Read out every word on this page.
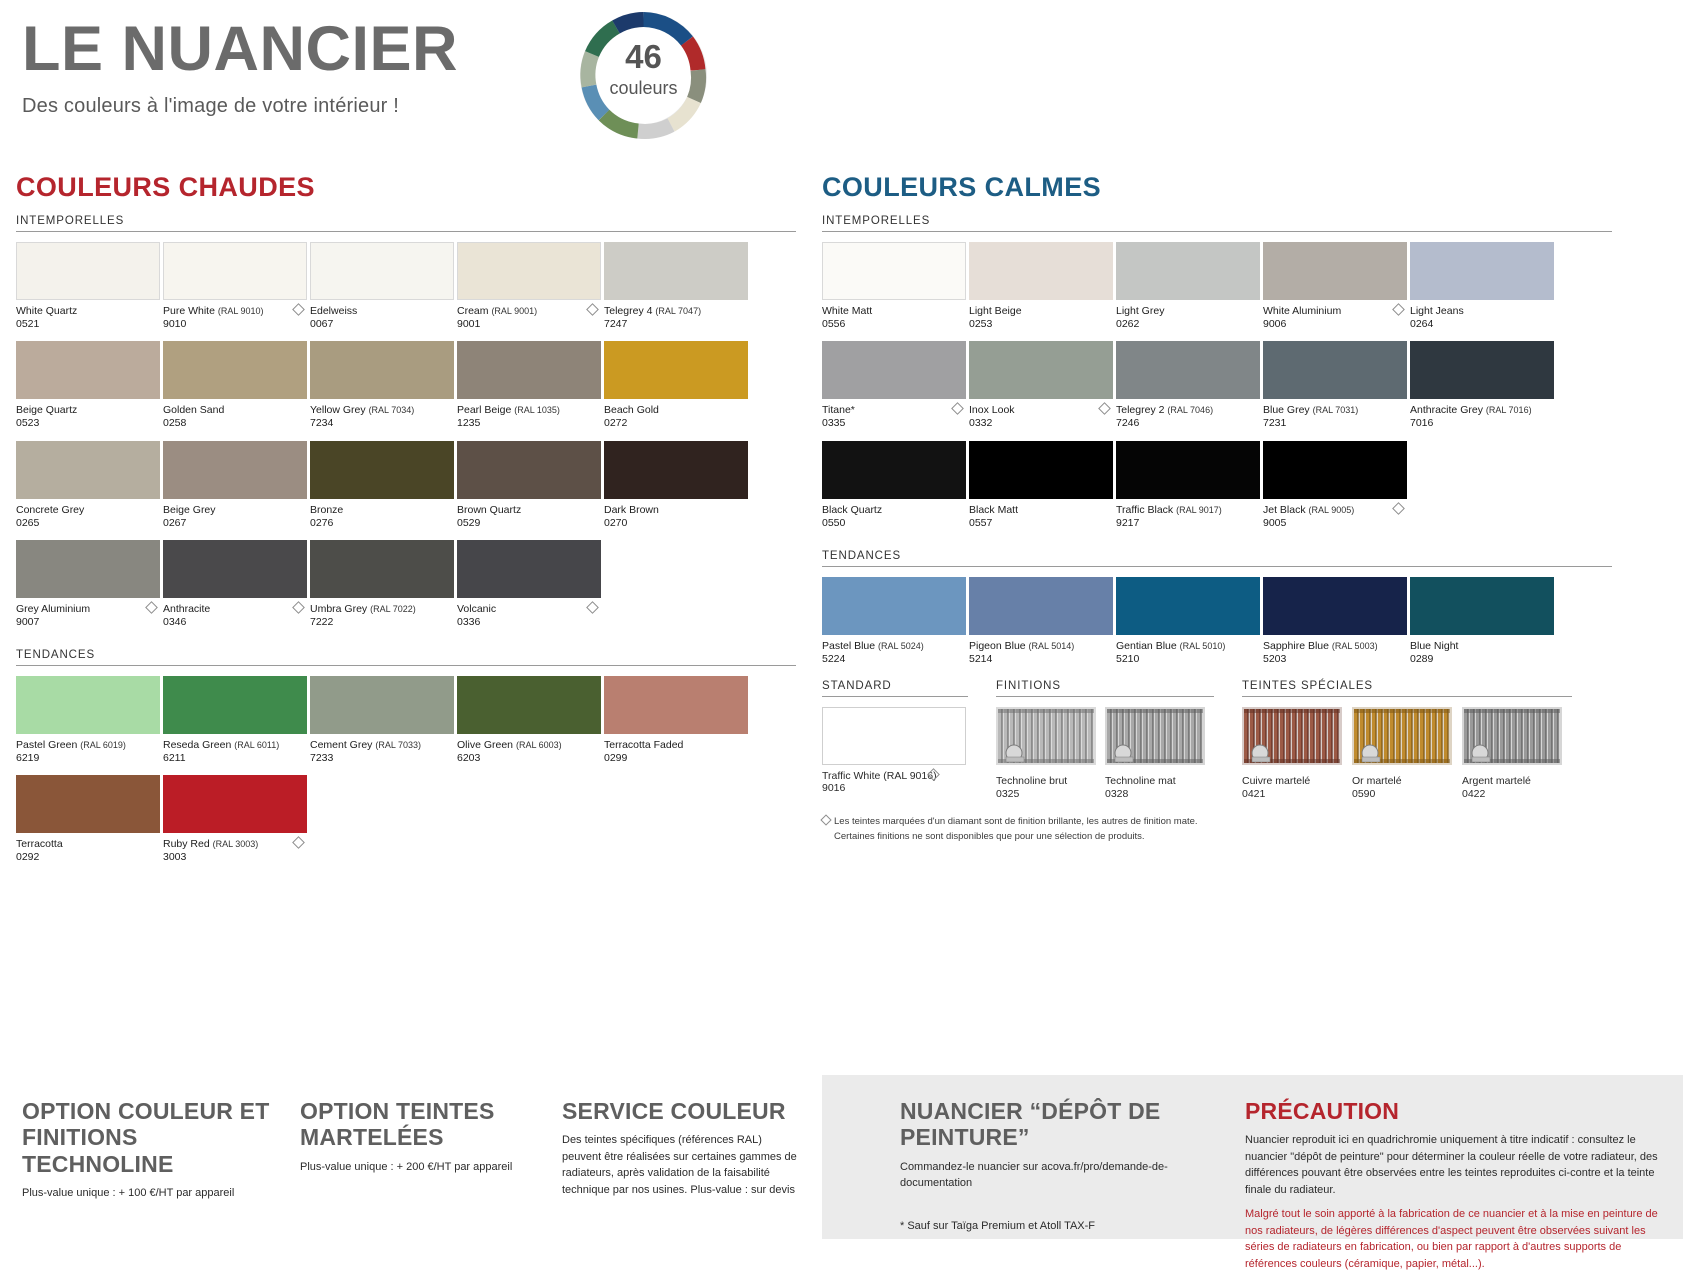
LE NUANCIER
Des couleurs à l'image de votre intérieur !
46
couleurs
COULEURS CHAUDES
INTEMPORELLES
White Quartz
0521
Pure White (RAL 9010)
9010
Edelweiss
0067
Cream (RAL 9001)
9001
Telegrey 4 (RAL 7047)
7247
Beige Quartz
0523
Golden Sand
0258
Yellow Grey (RAL 7034)
7234
Pearl Beige (RAL 1035)
1235
Beach Gold
0272
Concrete Grey
0265
Beige Grey
0267
Bronze
0276
Brown Quartz
0529
Dark Brown
0270
Grey Aluminium
9007
Anthracite
0346
Umbra Grey (RAL 7022)
7222
Volcanic
0336
TENDANCES
Pastel Green (RAL 6019)
6219
Reseda Green (RAL 6011)
6211
Cement Grey (RAL 7033)
7233
Olive Green (RAL 6003)
6203
Terracotta Faded
0299
Terracotta
0292
Ruby Red (RAL 3003)
3003
COULEURS CALMES
INTEMPORELLES
White Matt
0556
Light Beige
0253
Light Grey
0262
White Aluminium
9006
Light Jeans
0264
Titane*
0335
Inox Look
0332
Telegrey 2 (RAL 7046)
7246
Blue Grey (RAL 7031)
7231
Anthracite Grey (RAL 7016)
7016
Black Quartz
0550
Black Matt
0557
Traffic Black (RAL 9017)
9217
Jet Black (RAL 9005)
9005
TENDANCES
Pastel Blue (RAL 5024)
5224
Pigeon Blue (RAL 5014)
5214
Gentian Blue (RAL 5010)
5210
Sapphire Blue (RAL 5003)
5203
Blue Night
0289
STANDARD
Traffic White (RAL 9016)
9016
FINITIONS
Technoline brut
0325
Technoline mat
0328
TEINTES SPÉCIALES
Cuivre martelé
0421
Or martelé
0590
Argent martelé
0422
Les teintes marquées d'un diamant sont de finition brillante, les autres de finition mate.
Certaines finitions ne sont disponibles que pour une sélection de produits.
OPTION COULEUR ET FINITIONS TECHNOLINE

Plus-value unique : + 100 €/HT par appareil

OPTION TEINTES MARTELÉES

Plus-value unique : + 200 €/HT par appareil

SERVICE COULEUR

Des teintes spécifiques (références RAL) peuvent être réalisées sur certaines gammes de radiateurs, après validation de la faisabilité technique par nos usines. Plus-value : sur devis

NUANCIER “DÉPÔT DE PEINTURE”

Commandez-le nuancier sur acova.fr/pro/demande-de-documentation

* Sauf sur Taïga Premium et Atoll TAX-F

PRÉCAUTION

Nuancier reproduit ici en quadrichromie uniquement à titre indicatif : consultez le nuancier "dépôt de peinture" pour déterminer la couleur réelle de votre radiateur, des différences pouvant être observées entre les teintes reproduites ci-contre et la teinte finale du radiateur.

Malgré tout le soin apporté à la fabrication de ce nuancier et à la mise en peinture de nos radiateurs, de légères différences d'aspect peuvent être observées suivant les séries de radiateurs en fabrication, ou bien par rapport à d'autres supports de références couleurs (céramique, papier, métal...).
